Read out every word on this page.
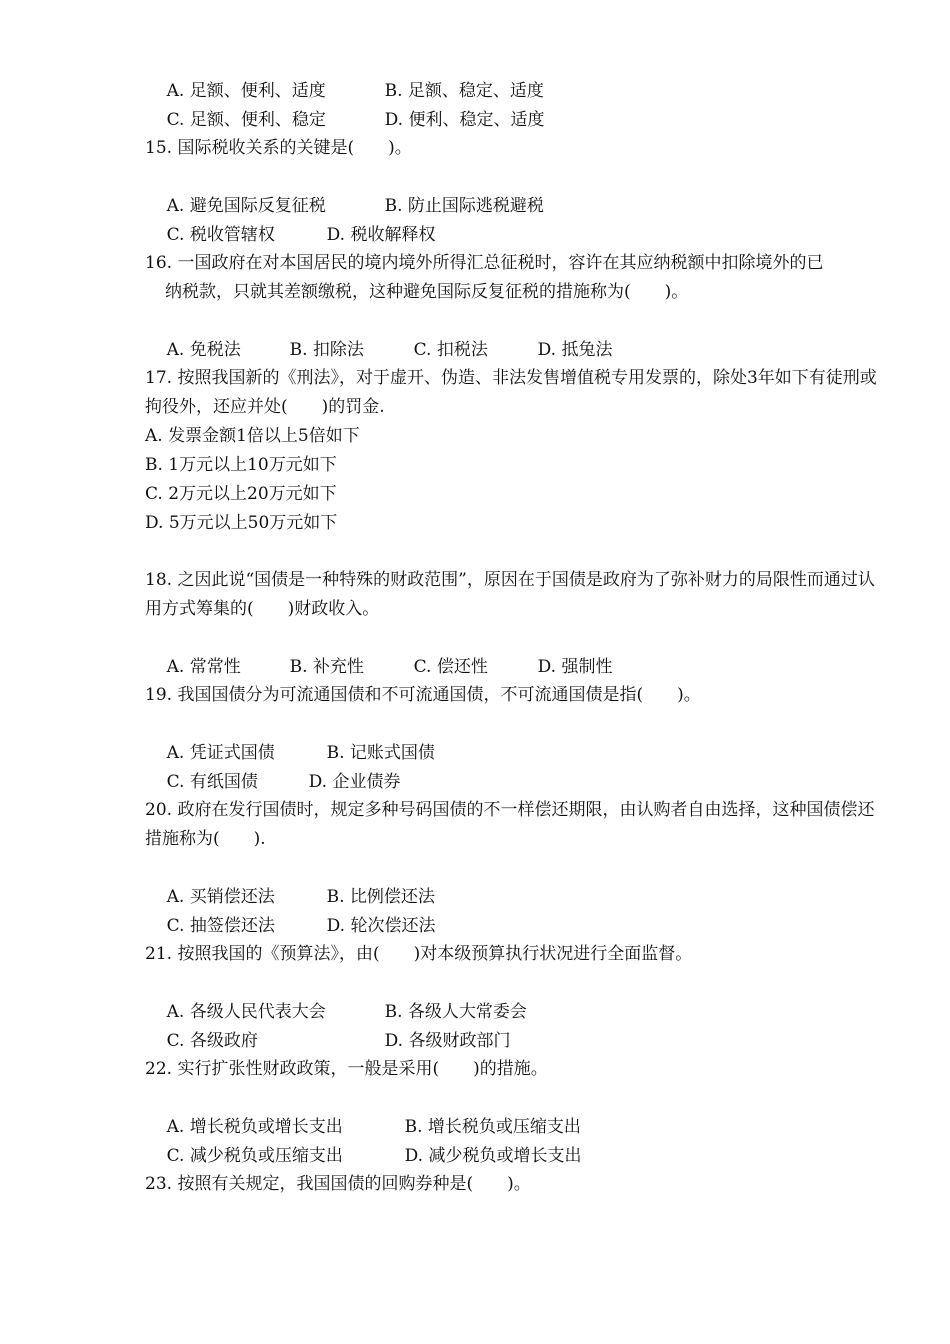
A. 足额、便利、适度	B. 足额、稳定、适度

C. 足额、便利、稳定	D. 便利、稳定、适度

15. 国际税收关系的关键是(　　)。

A. 避免国际反复征税	B. 防止国际逃税避税

C. 税收管辖权	D. 税收解释权

16. 一国政府在对本国居民的境内境外所得汇总征税时，容许在其应纳税额中扣除境外的已
纳税款，只就其差额缴税，这种避免国际反复征税的措施称为(　　)。

A. 免税法	B. 扣除法	C. 扣税法	D. 抵兔法

17. 按照我国新的《刑法》，对于虚开、伪造、非法发售增值税专用发票的，除处3年如下有徒刑或拘役外，还应并处(　　)的罚金.
A. 发票金额1倍以上5倍如下
B. 1万元以上10万元如下
C. 2万元以上20万元如下
D. 5万元以上50万元如下
18. 之因此说“国债是一种特殊的财政范围”，原因在于国债是政府为了弥补财力的局限性而通过认用方式筹集的(　　)财政收入。

A. 常常性	B. 补充性	C. 偿还性	D. 强制性

19. 我国国债分为可流通国债和不可流通国债，不可流通国债是指(　　)。

A. 凭证式国债	B. 记账式国债

C. 有纸国债	D. 企业债券

20. 政府在发行国债时，规定多种号码国债的不一样偿还期限，由认购者自由选择，这种国债偿还措施称为(　　).

A. 买销偿还法	B. 比例偿还法

C. 抽签偿还法	D. 轮次偿还法

21. 按照我国的《预算法》，由(　　)对本级预算执行状况进行全面监督。

A. 各级人民代表大会	B. 各级人大常委会

C. 各级政府	D. 各级财政部门

22. 实行扩张性财政政策，一般是采用(　　)的措施。

A. 增长税负或增长支出	B. 增长税负或压缩支出

C. 减少税负或压缩支出	D. 减少税负或增长支出

23. 按照有关规定，我国国债的回购券种是(　　)。
